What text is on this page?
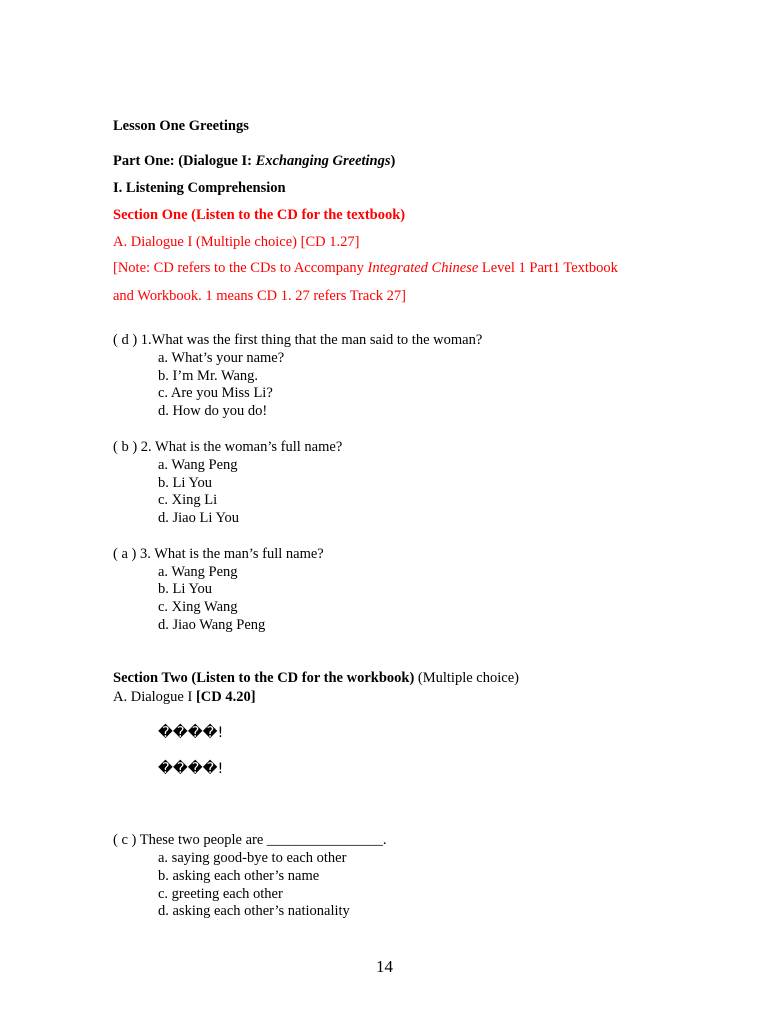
Lesson One Greetings
Part One: (Dialogue I: Exchanging Greetings)
I. Listening Comprehension
Section One (Listen to the CD for the textbook)
A. Dialogue I (Multiple choice) [CD 1.27]
[Note: CD refers to the CDs to Accompany Integrated Chinese Level 1 Part1 Textbook
and Workbook. 1 means CD 1. 27 refers Track 27]
( d ) 1.What was the first thing that the man said to the woman?
a. What’s your name?
b. I’m Mr. Wang.
c. Are you Miss Li?
d. How do you do!
( b ) 2. What is the woman’s full name?
a. Wang Peng
b. Li You
c. Xing Li
d. Jiao Li You
( a ) 3. What is the man’s full name?
a. Wang Peng
b. Li You
c. Xing Wang
d. Jiao Wang Peng
Section Two (Listen to the CD for the workbook) (Multiple choice)
A. Dialogue I [CD 4.20]
����!
����!
( c ) These two people are ________________.
a. saying good-bye to each other
b. asking each other’s name
c. greeting each other
d. asking each other’s nationality
14
